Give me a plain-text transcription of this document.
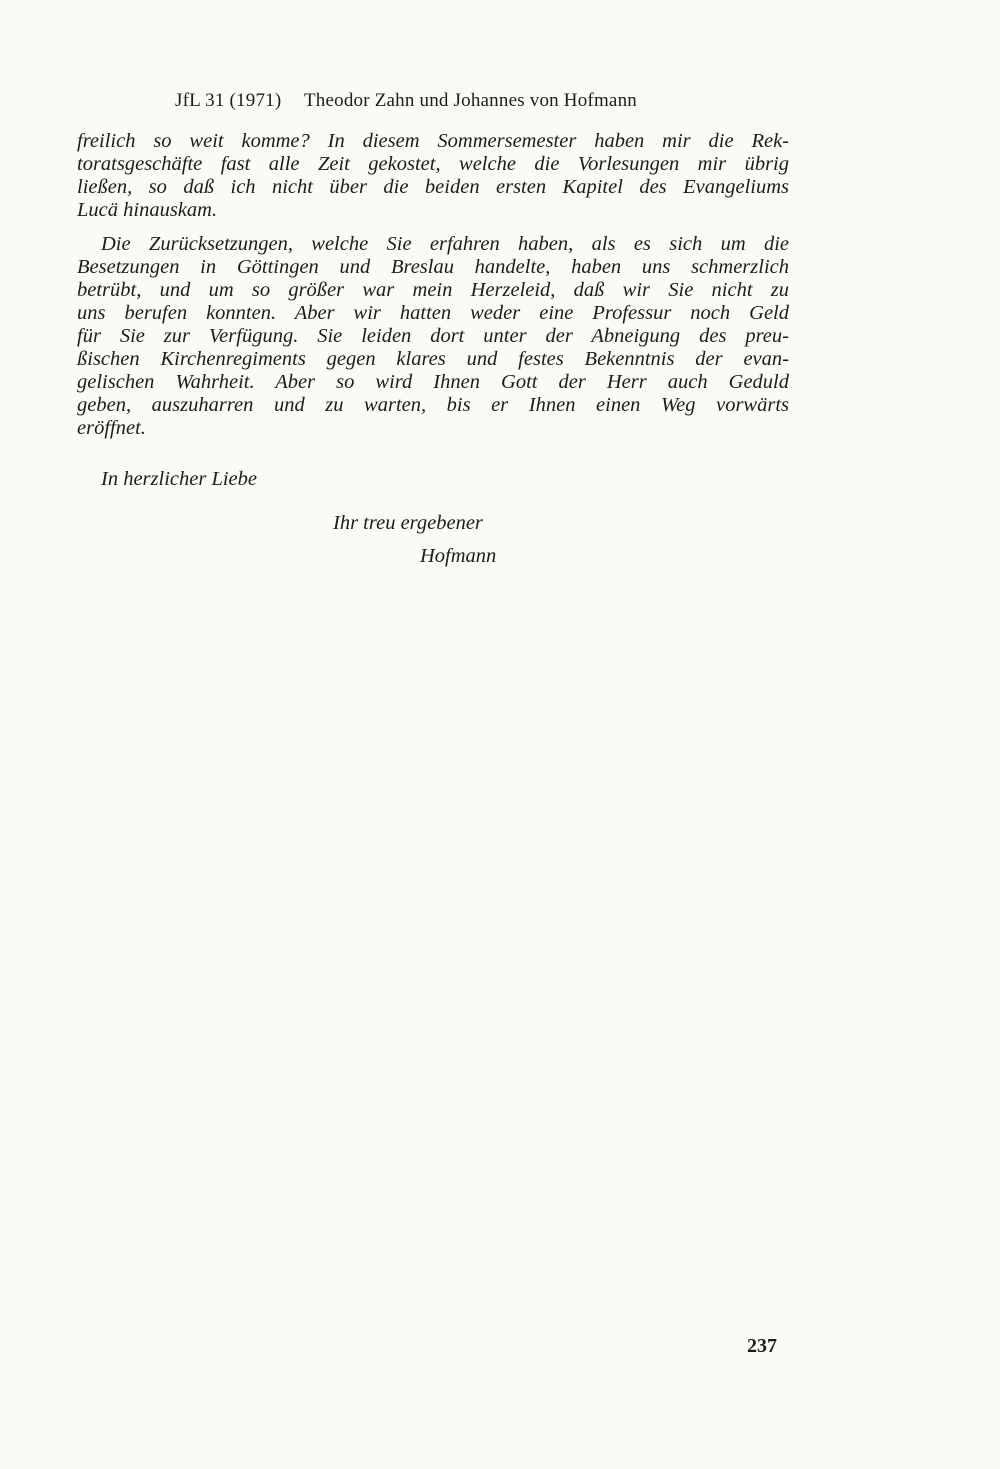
JfL 31 (1971) Theodor Zahn und Johannes von Hofmann
freilich so weit komme? In diesem Sommersemester haben mir die Rek-
toratsgeschäfte fast alle Zeit gekostet, welche die Vorlesungen mir übrig
ließen, so daß ich nicht über die beiden ersten Kapitel des Evangeliums
Lucä hinauskam.
Die Zurücksetzungen, welche Sie erfahren haben, als es sich um die
Besetzungen in Göttingen und Breslau handelte, haben uns schmerzlich
betrübt, und um so größer war mein Herzeleid, daß wir Sie nicht zu
uns berufen konnten. Aber wir hatten weder eine Professur noch Geld
für Sie zur Verfügung. Sie leiden dort unter der Abneigung des preu-
ßischen Kirchenregiments gegen klares und festes Bekenntnis der evan-
gelischen Wahrheit. Aber so wird Ihnen Gott der Herr auch Geduld
geben, auszuharren und zu warten, bis er Ihnen einen Weg vorwärts
eröffnet.
In herzlicher Liebe
Ihr treu ergebener
Hofmann
237
